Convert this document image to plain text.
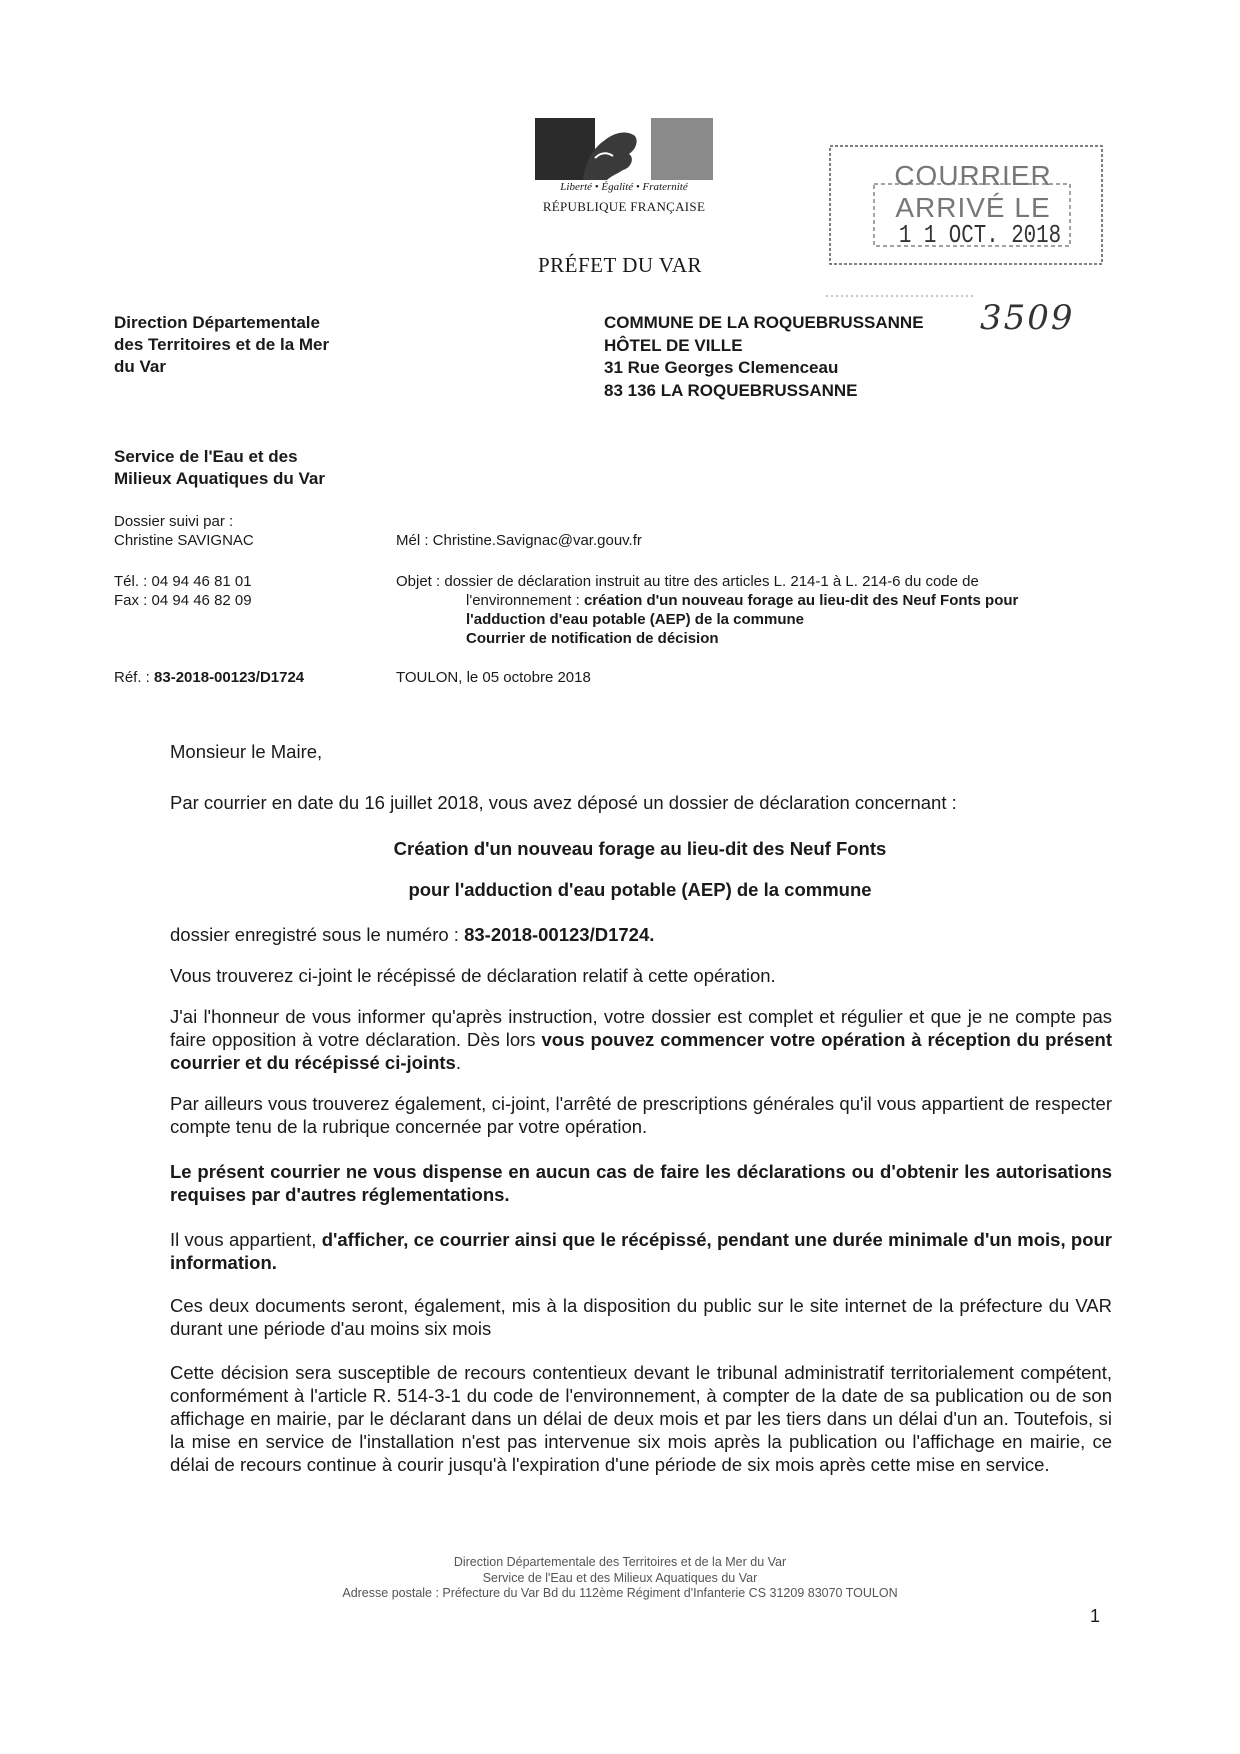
Liberté • Égalité • Fraternité
RÉPUBLIQUE FRANÇAISE
PRÉFET DU VAR
COURRIER ARRIVÉ LE
1 1 OCT. 2018
Direction Départementale
des Territoires et de la Mer
du Var
Service de l'Eau et des
Milieux Aquatiques du Var
Dossier suivi par :
Christine SAVIGNAC
Tél. : 04 94 46 81 01
Fax : 04 94 46 82 09
Réf. : 83-2018-00123/D1724
COMMUNE DE LA ROQUEBRUSSANNE
HÔTEL DE VILLE
31 Rue Georges Clemenceau
83 136 LA ROQUEBRUSSANNE
3509
Mél : Christine.Savignac@var.gouv.fr
Objet : dossier de déclaration instruit au titre des articles L. 214-1 à L. 214-6 du code de
l'environnement : création d'un nouveau forage au lieu-dit des Neuf Fonts pour
l'adduction d'eau potable (AEP) de la commune
Courrier de notification de décision
TOULON, le 05 octobre 2018
Monsieur le Maire,
Par courrier en date du 16 juillet 2018, vous avez déposé un dossier de déclaration concernant :
Création d'un nouveau forage au lieu-dit des Neuf Fonts
pour l'adduction d'eau potable (AEP) de la commune
dossier enregistré sous le numéro : 83-2018-00123/D1724.
Vous trouverez ci-joint le récépissé de déclaration relatif à cette opération.
J'ai l'honneur de vous informer qu'après instruction, votre dossier est complet et régulier et que je ne compte pas faire opposition à votre déclaration. Dès lors vous pouvez commencer votre opération à réception du présent courrier et du récépissé ci-joints.
Par ailleurs vous trouverez également, ci-joint, l'arrêté de prescriptions générales qu'il vous appartient de respecter compte tenu de la rubrique concernée par votre opération.
Le présent courrier ne vous dispense en aucun cas de faire les déclarations ou d'obtenir les autorisations requises par d'autres réglementations.
Il vous appartient, d'afficher, ce courrier ainsi que le récépissé, pendant une durée minimale d'un mois, pour information.
Ces deux documents seront, également, mis à la disposition du public sur le site internet de la préfecture du VAR durant une période d'au moins six mois
Cette décision sera susceptible de recours contentieux devant le tribunal administratif territorialement compétent, conformément à l'article R. 514-3-1 du code de l'environnement, à compter de la date de sa publication ou de son affichage en mairie, par le déclarant dans un délai de deux mois et par les tiers dans un délai d'un an. Toutefois, si la mise en service de l'installation n'est pas intervenue six mois après la publication ou l'affichage en mairie, ce délai de recours continue à courir jusqu'à l'expiration d'une période de six mois après cette mise en service.
Direction Départementale des Territoires et de la Mer du Var
Service de l'Eau et des Milieux Aquatiques du Var
Adresse postale : Préfecture du Var Bd du 112ème Régiment d'Infanterie CS 31209 83070 TOULON
1
